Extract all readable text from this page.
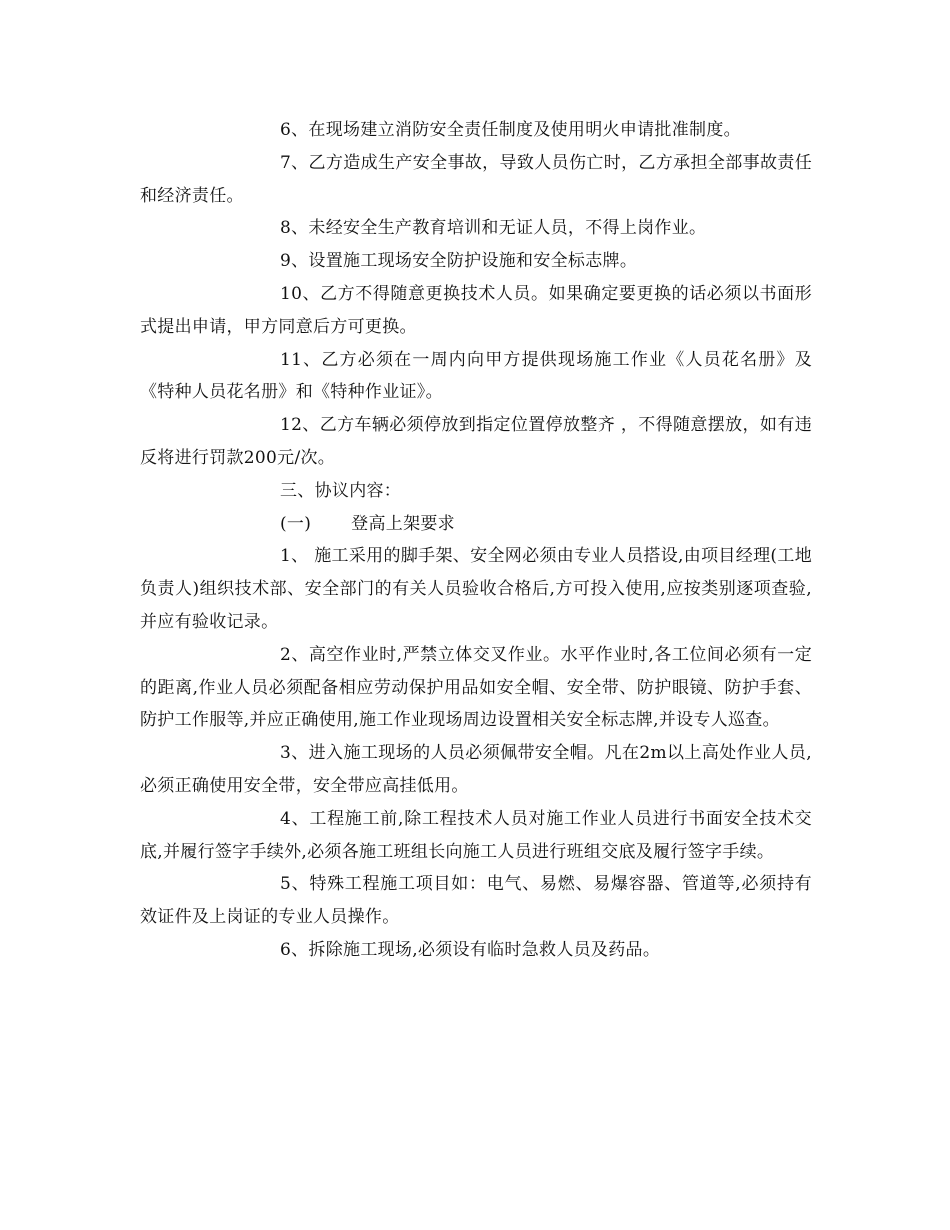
6、在现场建立消防安全责任制度及使用明火申请批准制度。

7、乙方造成生产安全事故，导致人员伤亡时，乙方承担全部事故责任和经济责任。

8、未经安全生产教育培训和无证人员，不得上岗作业。

9、设置施工现场安全防护设施和安全标志牌。

10、乙方不得随意更换技术人员。如果确定要更换的话必须以书面形式提出申请，甲方同意后方可更换。

11、乙方必须在一周内向甲方提供现场施工作业《人员花名册》及《特种人员花名册》和《特种作业证》。

12、乙方车辆必须停放到指定位置停放整齐 ，不得随意摆放，如有违反将进行罚款200元/次。

三、协议内容：

(一) 登高上架要求

1、 施工采用的脚手架、安全网必须由专业人员搭设,由项目经理(工地负责人)组织技术部、安全部门的有关人员验收合格后,方可投入使用,应按类别逐项查验,并应有验收记录。

2、高空作业时,严禁立体交叉作业。水平作业时,各工位间必须有一定的距离,作业人员必须配备相应劳动保护用品如安全帽、安全带、防护眼镜、防护手套、防护工作服等,并应正确使用,施工作业现场周边设置相关安全标志牌,并设专人巡查。

3、进入施工现场的人员必须佩带安全帽。凡在2m以上高处作业人员,必须正确使用安全带，安全带应高挂低用。

4、工程施工前,除工程技术人员对施工作业人员进行书面安全技术交底,并履行签字手续外,必须各施工班组长向施工人员进行班组交底及履行签字手续。

5、特殊工程施工项目如：电气、易燃、易爆容器、管道等,必须持有效证件及上岗证的专业人员操作。

6、拆除施工现场,必须设有临时急救人员及药品。
